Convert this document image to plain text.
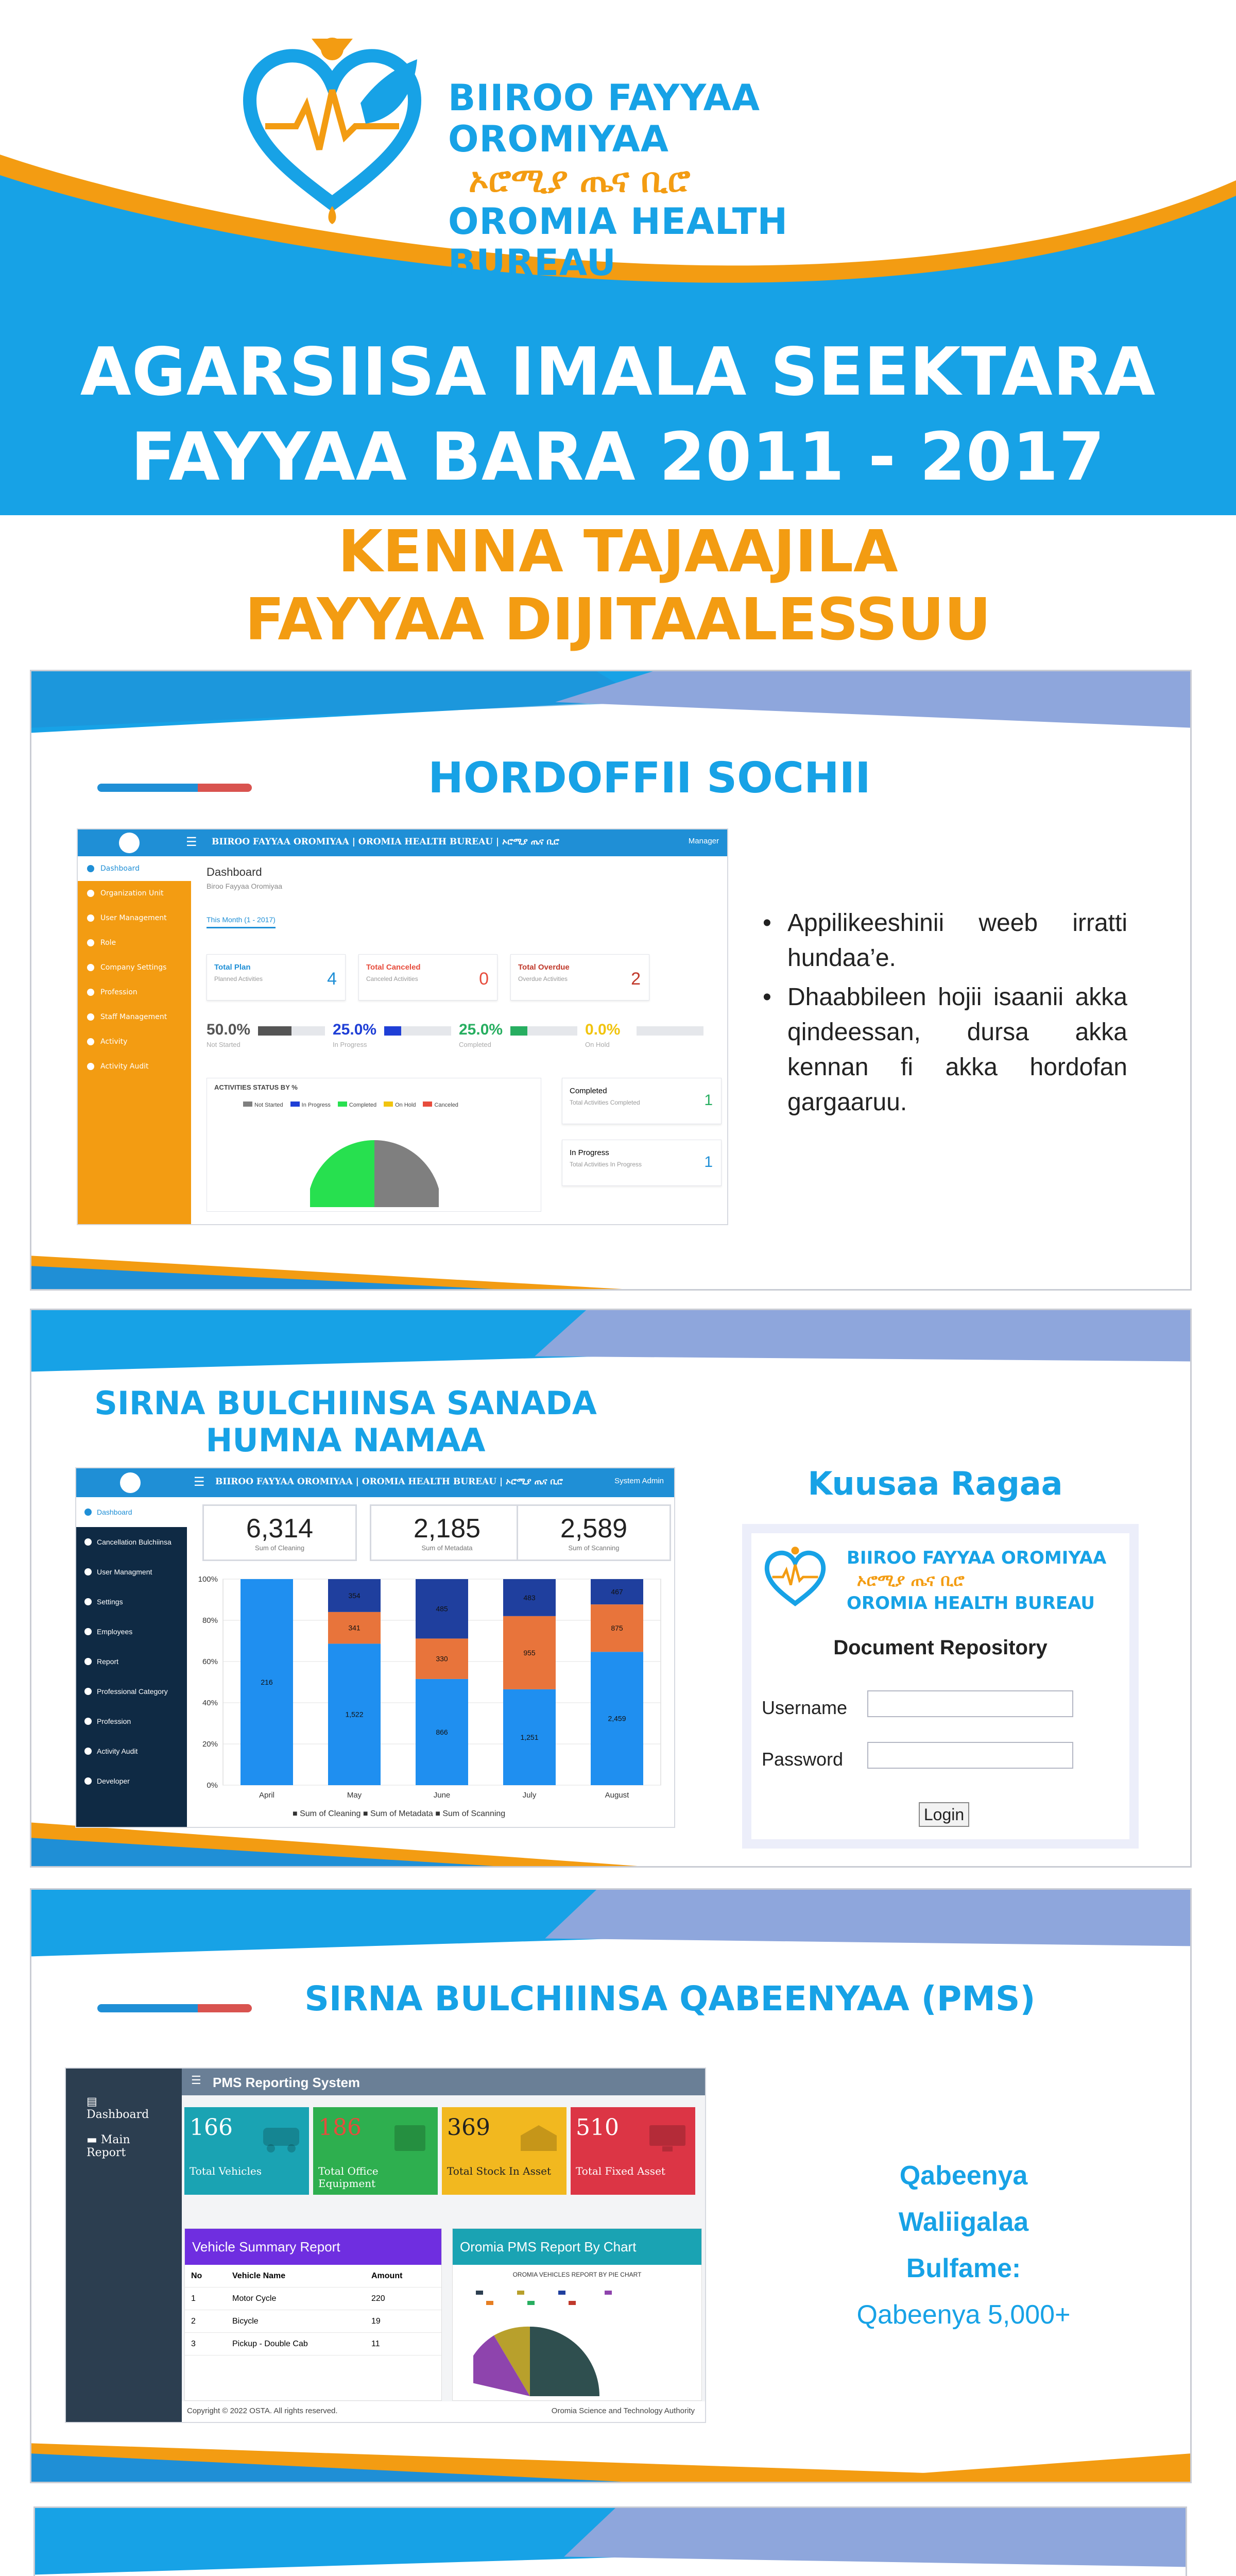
BIIROO FAYYAA OROMIYAA
ኦሮሚያ ጤና ቢሮ
OROMIA HEALTH BUREAU
AGARSIISA IMALA SEEKTARA
FAYYAA BARA 2011 - 2017
KENNA TAJAAJILA
FAYYAA DIJITAALESSUU
HORDOFFII SOCHII
☰ BIIROO FAYYAA OROMIYAA | OROMIA HEALTH BUREAU | ኦሮሚያ ጤና ቢሮ	Manager
Dashboard
Organization Unit
User Management
Role
Company Settings
Profession
Staff Management
Activity
Activity Audit
Dashboard
Biroo Fayyaa Oromiyaa
This Month (1 - 2017)
Total Plan
Planned Activities	4
Total Canceled
Canceled Activities	0
Total Overdue
Overdue Activities	2
50.0%
Not Started
25.0%
In Progress
25.0%
Completed
0.0%
On Hold
ACTIVITIES STATUS BY %
Not Started	In Progress	Completed	On Hold	Canceled
Completed
Total Activities Completed	1
In Progress
Total Activities In Progress	1
• Appilikeeshinii weeb irratti hundaa’e.
• Dhaabbileen hojii isaanii akka qindeessan, dursa akka kennan fi akka hordofan gargaaruu.
SIRNA BULCHIINSA SANADA
HUMNA NAMAA
☰ BIIROO FAYYAA OROMIYAA | OROMIA HEALTH BUREAU | ኦሮሚያ ጤና ቢሮ	System Admin
Dashboard
Cancellation Bulchiinsa
User Managment
Settings
Employees
Report
Professional Category
Profession
Activity Audit
Developer
6,314
Sum of Cleaning
2,185
Sum of Metadata
2,589
Sum of Scanning
0%
20%
40%
60%
80%
100%
216
April
1,522
341
354
May
866
330
485
June
1,251
955
483
July
2,459
875
467
August
■ Sum of Cleaning ■ Sum of Metadata ■ Sum of Scanning
Kuusaa Ragaa
BIIROO FAYYAA OROMIYAA
ኦሮሚያ ጤና ቢሮ
OROMIA HEALTH BUREAU
Document Repository
Username
Password
Login
SIRNA BULCHIINSA QABEENYAA (PMS)
▤ Dashboard
▬ Main Report
☰ PMS Reporting System
166
Total Vehicles
186
Total Office Equipment
369
Total Stock In Asset
510
Total Fixed Asset
Vehicle Summary Report
No	Vehicle Name	Amount
1	Motor Cycle	220
2	Bicycle	19
3	Pickup - Double Cab	11
Oromia PMS Report By Chart
OROMIA VEHICLES REPORT BY PIE CHART
Copyright © 2022 OSTA. All rights reserved.	Oromia Science and Technology Authority
Qabeenya
Waliigalaa
Bulfame:
Qabeenya 5,000+
